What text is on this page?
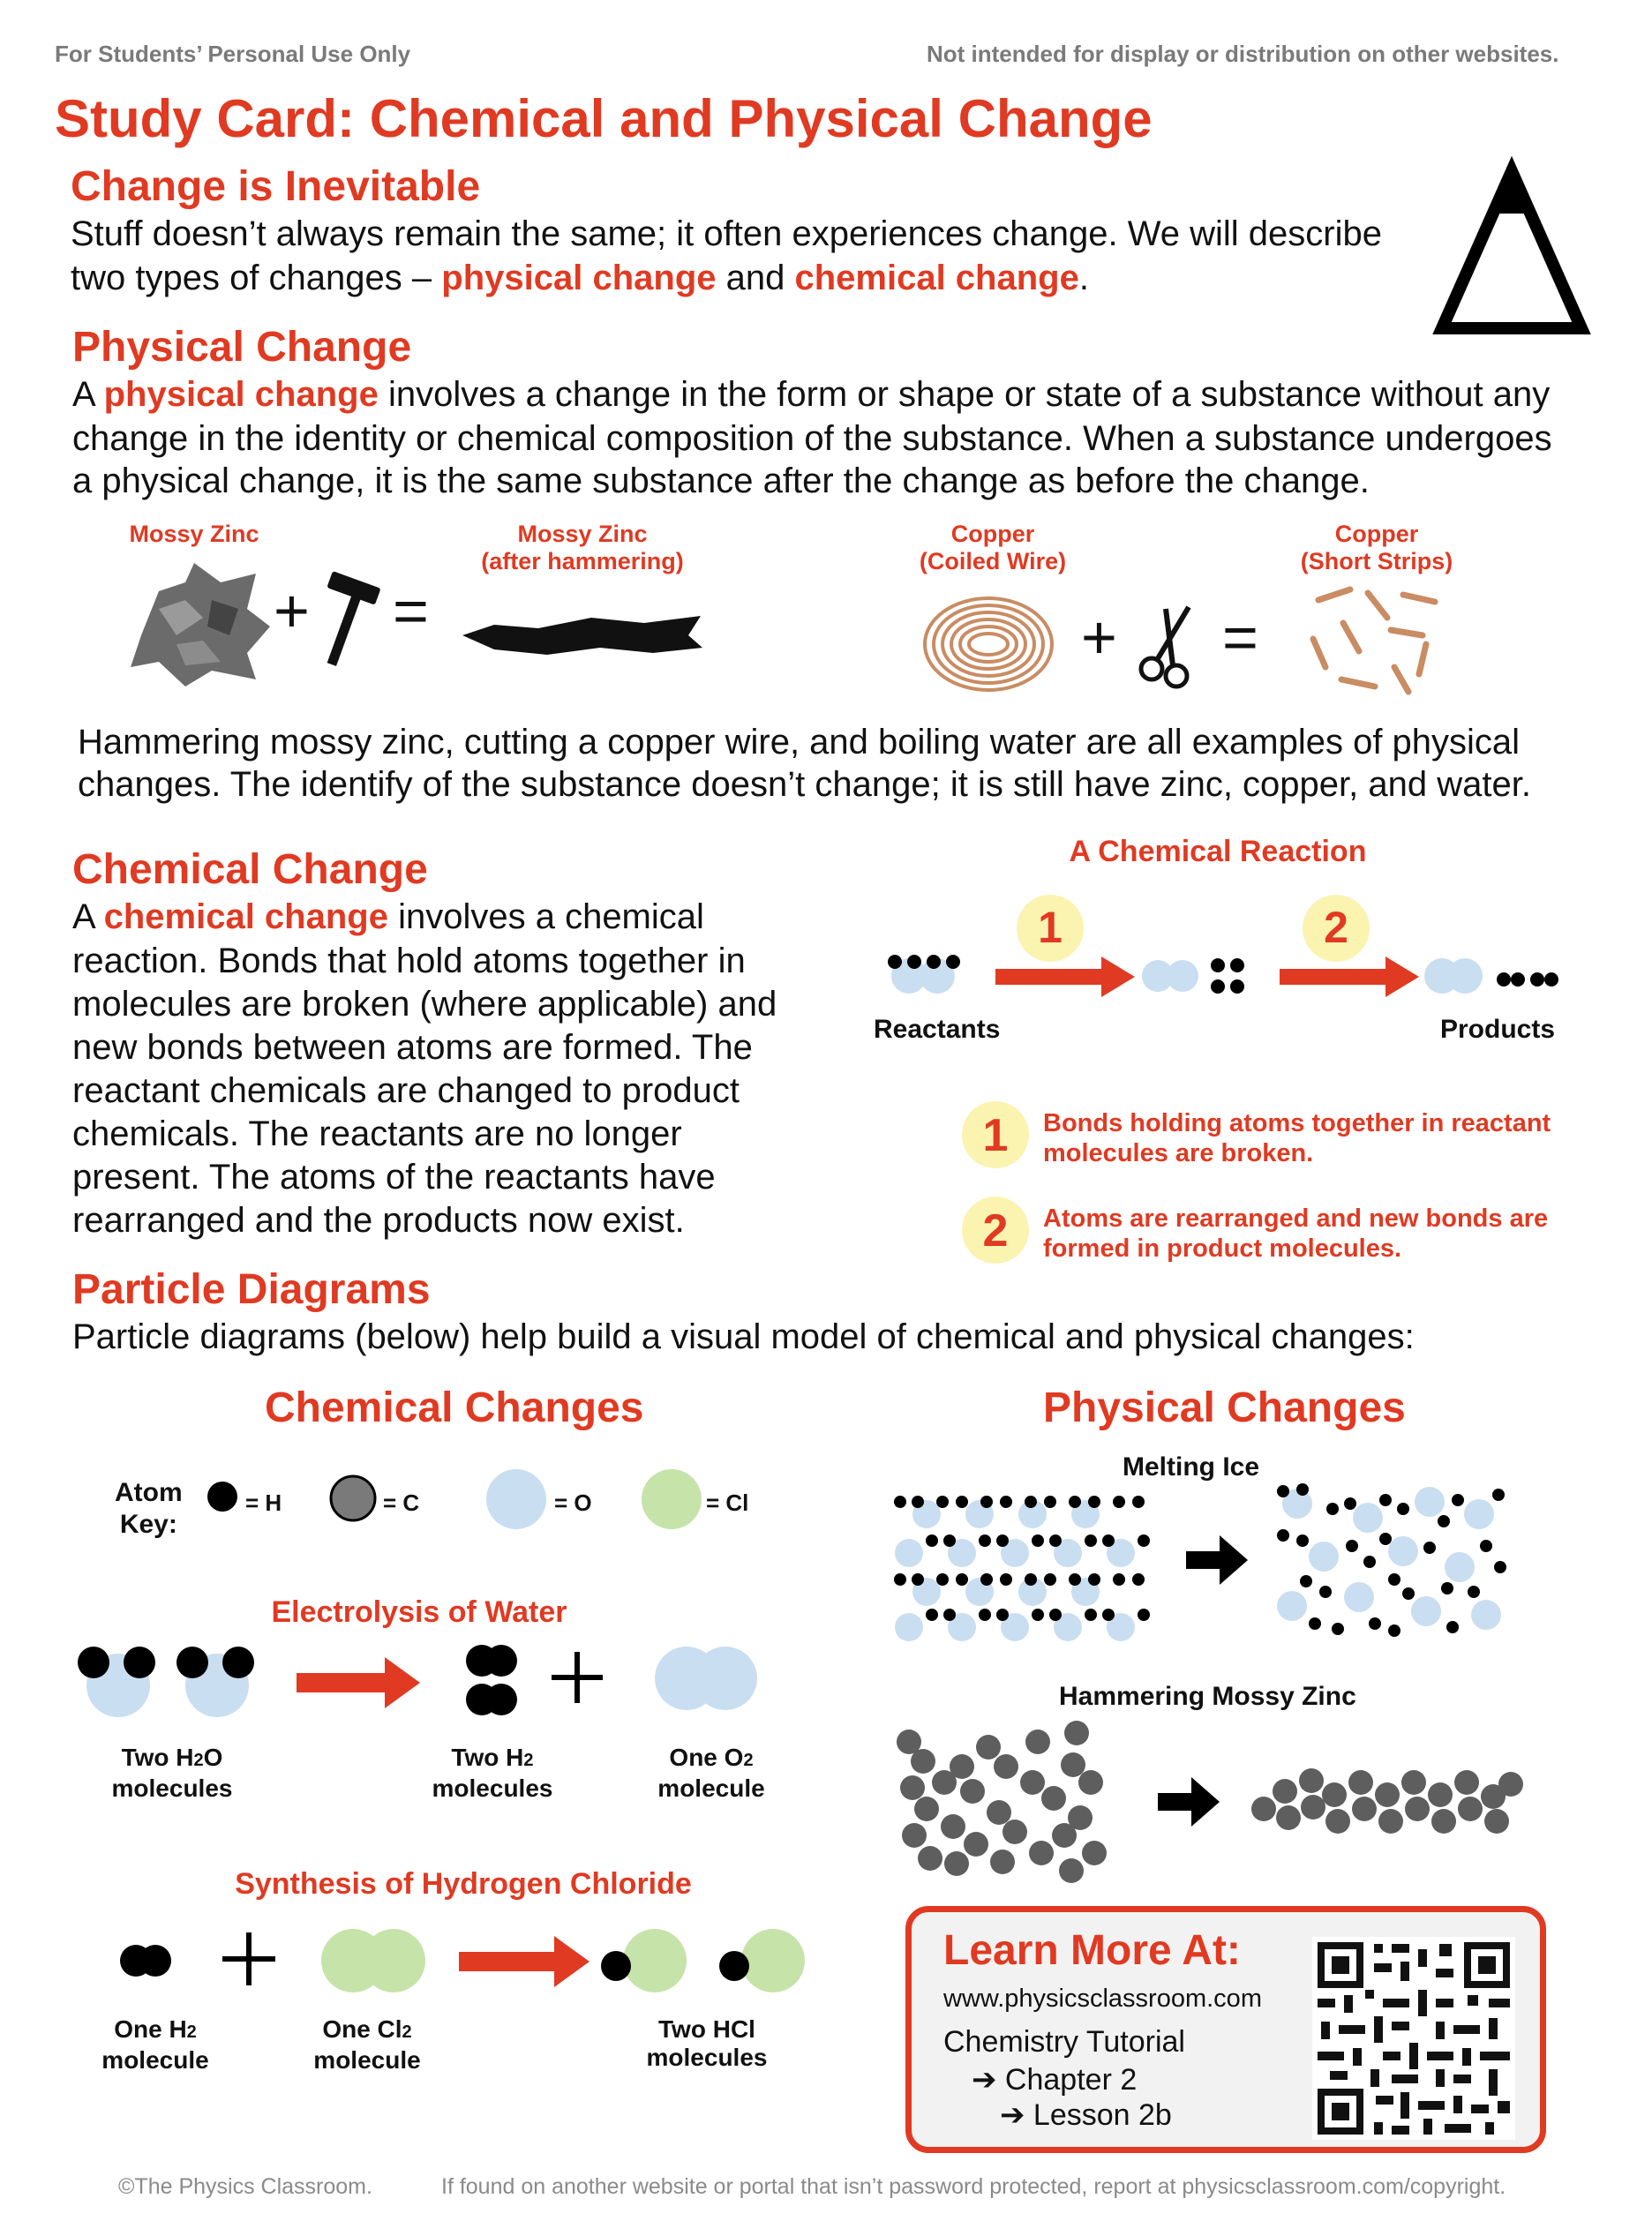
For Students’ Personal Use Only	Not intended for display or distribution on other websites.
Study Card: Chemical and Physical Change
Change is Inevitable
Stuff doesn’t always remain the same; it often experiences change. We will describe
two types of changes – physical change and chemical change.
Physical Change
A physical change involves a change in the form or shape or state of a substance without any
change in the identity or chemical composition of the substance. When a substance undergoes
a physical change, it is the same substance after the change as before the change.
Mossy Zinc	Mossy Zinc
(after hammering)
Copper
(Coiled Wire)
Copper
(Short Strips)
+ =	+ =
Hammering mossy zinc, cutting a copper wire, and boiling water are all examples of physical
changes. The identify of the substance doesn’t change; it is still have zinc, copper, and water.
Chemical Change
A chemical change involves a chemical
reaction. Bonds that hold atoms together in
molecules are broken (where applicable) and
new bonds between atoms are formed. The
reactant chemicals are changed to product
chemicals. The reactants are no longer
present. The atoms of the reactants have
rearranged and the products now exist.
A Chemical Reaction
1	2
Reactants	Products
1 Bonds holding atoms together in reactant
molecules are broken.
2 Atoms are rearranged and new bonds are
formed in product molecules.
Particle Diagrams
Particle diagrams (below) help build a visual model of chemical and physical changes:
Chemical Changes	Physical Changes
Atom
Key:
= H	= C	= O	= Cl
Electrolysis of Water
Two H2O
molecules
Two H2
molecules
One O2
molecule
Synthesis of Hydrogen Chloride
One H2
molecule
One Cl2
molecule
Two HCl
molecules
Melting Ice
Hammering Mossy Zinc
Learn More At:
www.physicsclassroom.com
Chemistry Tutorial
➔ Chapter 2
➔ Lesson 2b
©The Physics Classroom.	If found on another website or portal that isn’t password protected, report at physicsclassroom.com/copyright.
